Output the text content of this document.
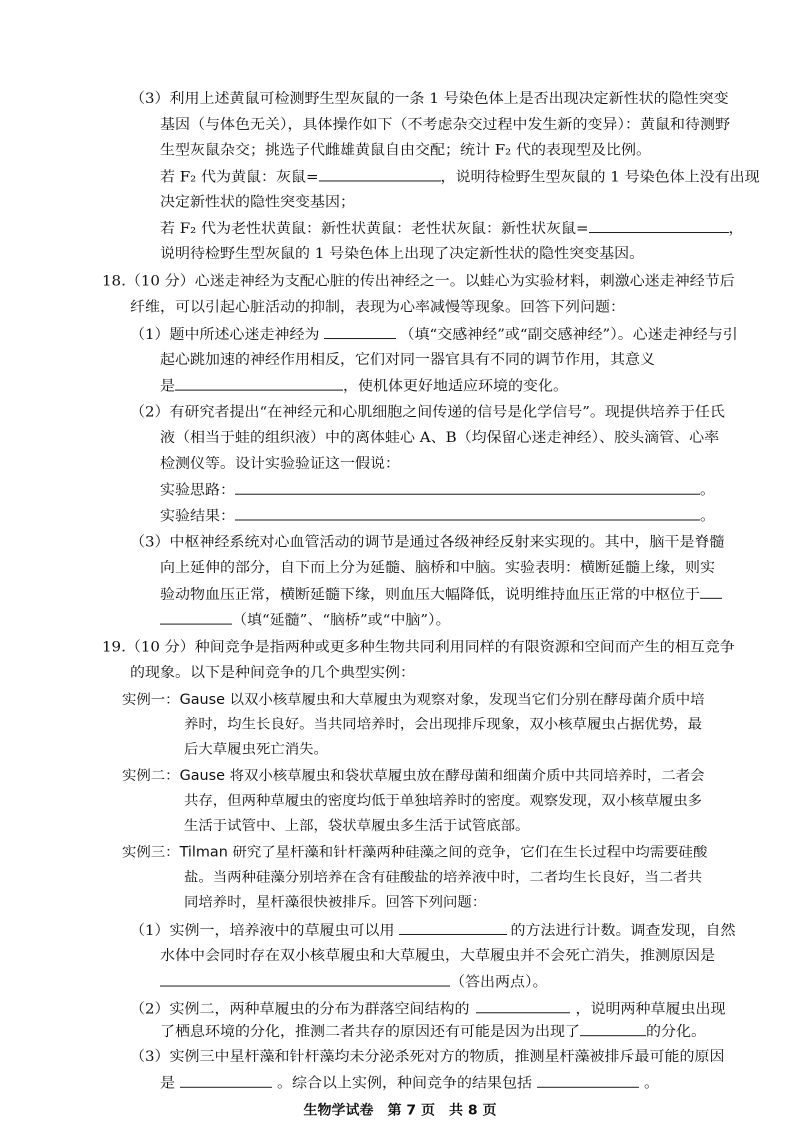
（3）利用上述黄鼠可检测野生型灰鼠的一条 1 号染色体上是否出现决定新性状的隐性突变
基因（与体色无关），具体操作如下（不考虑杂交过程中发生新的变异）：黄鼠和待测野
生型灰鼠杂交；挑选子代雌雄黄鼠自由交配；统计 F₂ 代的表现型及比例。
若 F₂ 代为黄鼠：灰鼠=	，说明待检野生型灰鼠的 1 号染色体上没有出现
决定新性状的隐性突变基因；
若 F₂ 代为老性状黄鼠：新性状黄鼠：老性状灰鼠：新性状灰鼠=	，
说明待检野生型灰鼠的 1 号染色体上出现了决定新性状的隐性突变基因。
18.（10 分）心迷走神经为支配心脏的传出神经之一。以蛙心为实验材料，刺激心迷走神经节后
纤维，可以引起心脏活动的抑制，表现为心率减慢等现象。回答下列问题：
（1）题中所述心迷走神经为	（填“交感神经”或“副交感神经”）。心迷走神经与引
起心跳加速的神经作用相反，它们对同一器官具有不同的调节作用，其意义
是	，使机体更好地适应环境的变化。
（2）有研究者提出“在神经元和心肌细胞之间传递的信号是化学信号”。现提供培养于任氏
液（相当于蛙的组织液）中的离体蛙心 A、B（均保留心迷走神经）、胶头滴管、心率
检测仪等。设计实验验证这一假说：
实验思路：	。
实验结果：	。
（3）中枢神经系统对心血管活动的调节是通过各级神经反射来实现的。其中，脑干是脊髓
向上延伸的部分，自下而上分为延髓、脑桥和中脑。实验表明：横断延髓上缘，则实
验动物血压正常，横断延髓下缘，则血压大幅降低，说明维持血压正常的中枢位于
（填“延髓”、“脑桥”或“中脑”）。
19.（10 分）种间竞争是指两种或更多种生物共同利用同样的有限资源和空间而产生的相互竞争
的现象。以下是种间竞争的几个典型实例：
实例一：Gause 以双小核草履虫和大草履虫为观察对象，发现当它们分别在酵母菌介质中培
养时，均生长良好。当共同培养时，会出现排斥现象，双小核草履虫占据优势，最
后大草履虫死亡消失。
实例二：Gause 将双小核草履虫和袋状草履虫放在酵母菌和细菌介质中共同培养时，二者会
共存，但两种草履虫的密度均低于单独培养时的密度。观察发现，双小核草履虫多
生活于试管中、上部，袋状草履虫多生活于试管底部。
实例三：Tilman 研究了星杆藻和针杆藻两种硅藻之间的竞争，它们在生长过程中均需要硅酸
盐。当两种硅藻分别培养在含有硅酸盐的培养液中时，二者均生长良好，当二者共
同培养时，星杆藻很快被排斥。回答下列问题：
（1）实例一，培养液中的草履虫可以用	的方法进行计数。调查发现，自然
水体中会同时存在双小核草履虫和大草履虫，大草履虫并不会死亡消失，推测原因是
（答出两点）。
（2）实例二，两种草履虫的分布为群落空间结构的	，说明两种草履虫出现
生物学试卷　第 7 页　共 8 页
了栖息环境的分化，推测二者共存的原因还有可能是因为出现了	的分化。
（3）实例三中星杆藻和针杆藻均未分泌杀死对方的物质，推测星杆藻被排斥最可能的原因
是	。综合以上实例，种间竞争的结果包括	。
